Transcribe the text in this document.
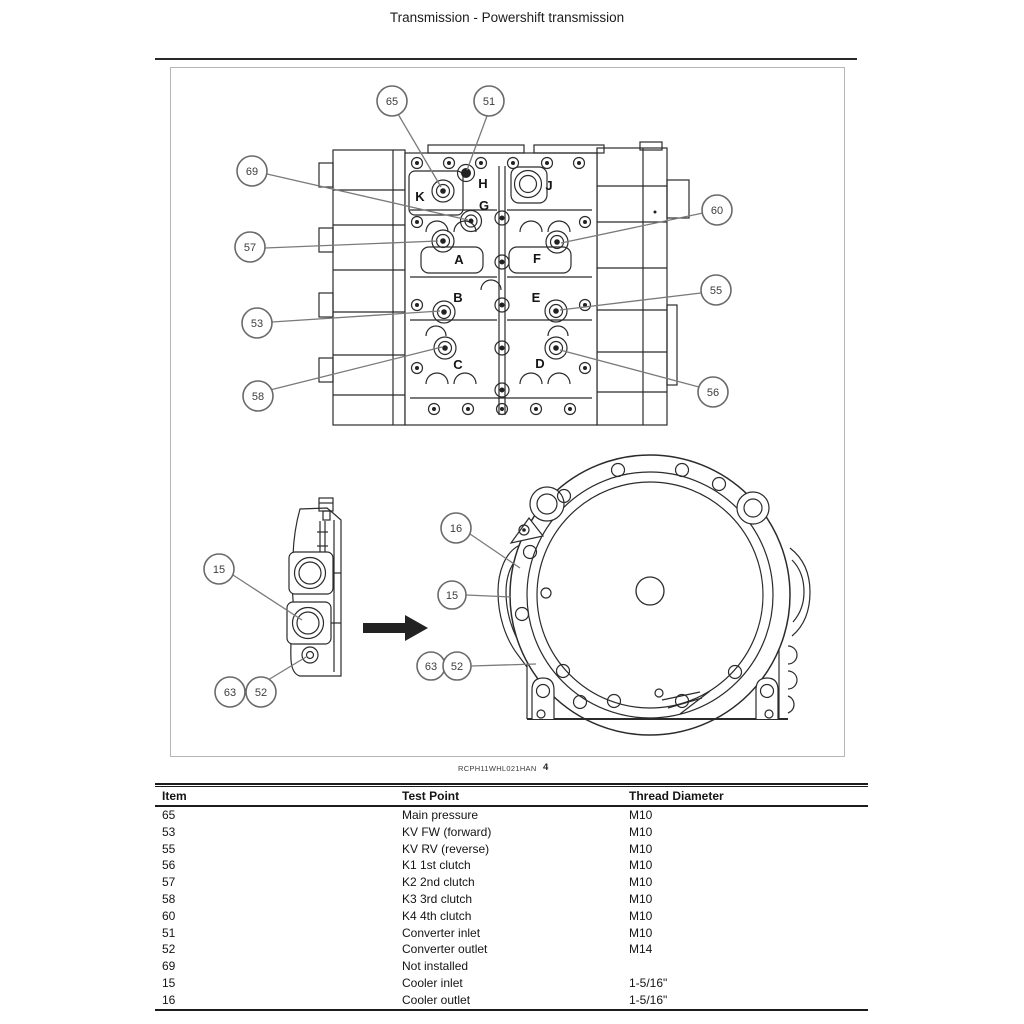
Transmission - Powershift transmission
K
H	J
G
A	F
B	E
C	D
65	51
69
57
53
58
60
55
56
15
63 52
16
15
63 52
RCPH11WHL021HAN 4
Item	Test Point	Thread Diameter
65	Main pressure	M10
53	KV FW (forward)	M10
55	KV RV (reverse)	M10
56	K1 1st clutch	M10
57	K2 2nd clutch	M10
58	K3 3rd clutch	M10
60	K4 4th clutch	M10
51	Converter inlet	M10
52	Converter outlet	M14
69	Not installed
15	Cooler inlet	1-5/16"
16	Cooler outlet	1-5/16"
